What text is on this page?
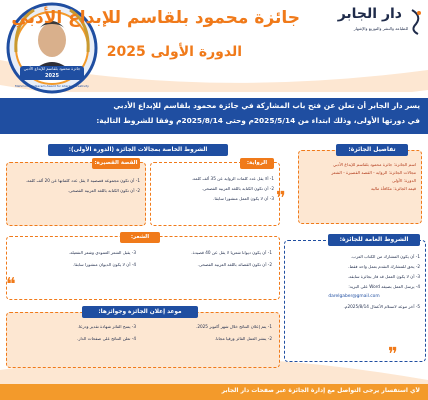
جائزة محمود بلقاسم للإبداع الأدبي
2025
Mahmoud Belkacem Award for Literary Creativity
جائزة محمود بلقاسم للإبداع الأدبي
الدورة الأولى 2025
دار الجابر
للطباعة والنشر والتوزيع والإشهار
يسر دار الجابر أن تعلن عن فتح باب المشاركة في جائزة محمود بلقاسم للإبداع الأدبي
في دورتها الأولى، وذلك ابتداء من 2025/5/14م وحتى 2025/8/14م وفقا للشروط التالية:
تفاصيل الجائزة:
اسم الجائزة: جائزة محمود بلقاسم للإبداع الأدبي
مجالات الجائزة: الرواية - القصة القصيرة - الشعر
الدورة: الأولى
قيمة الجائزة: مكافأة مالية
الشروط العامة للجائزة:
1- أن يكون المشارك من الكتاب العرب.
2- يحق للمشارك التقدم بعمل واحد فقط.
3- أن لا يكون العمل قد فاز بجائزة سابقة.
4- يرسل العمل بصيغة Word على البريد:
darelgaber@gmail.com
5- آخر موعد لاستلام الأعمال 2025/8/14م.
الشروط الخاصة بمجالات الجائزة (الدورة الأولى):
الرواية:
1- ألا يقل عدد كلمات الرواية عن 35 ألف كلمة.
2- أن تكون الكتابة باللغة العربية الفصحى.
3- أن لا يكون العمل منشورا سابقا.
القصة القصيرة:
1- أن تكون مجموعة قصصية لا يقل عدد كلماتها عن 20 ألف كلمة.
2- أن تكون الكتابة باللغة العربية الفصحى.
الشعر:
1- أن يكون ديوانا شعريا لا يقل عن 40 قصيدة.
2- أن تكون القصائد باللغة العربية الفصحى.
3- يقبل الشعر العمودي وشعر التفعيلة.
4- أن لا يكون الديوان منشورا سابقا.
موعد إعلان الجائزة وجوائزها:
1- يتم إعلان النتائج خلال شهر أكتوبر 2025.
2- ينشر العمل الفائز ورقيا مجانا.
3- يمنح الفائز شهادة تقدير ودرعا.
4- تعلن النتائج على صفحات الدار.
❞
❝
❞
لأي استفسار يرجى التواصل مع إدارة الجائزة عبر صفحات دار الجابر
